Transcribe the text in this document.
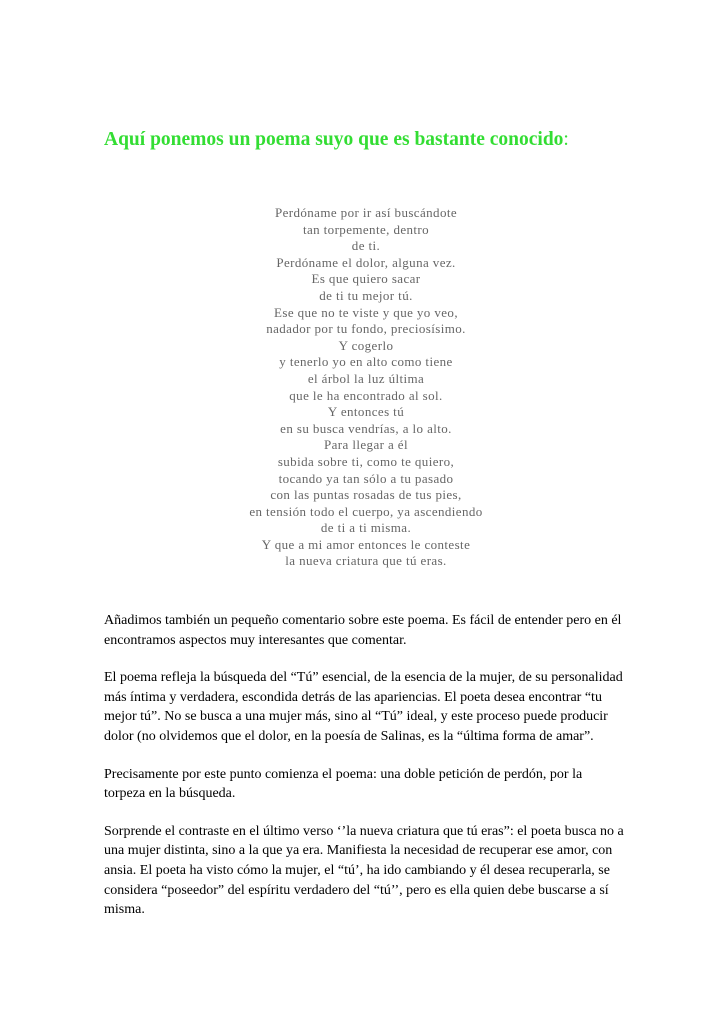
Aquí ponemos un poema suyo que es bastante conocido:
Perdóname por ir así buscándote
tan torpemente, dentro
de ti.
Perdóname el dolor, alguna vez.
Es que quiero sacar
de ti tu mejor tú.
Ese que no te viste y que yo veo,
nadador por tu fondo, preciosísimo.
Y cogerlo
y tenerlo yo en alto como tiene
el árbol la luz última
que le ha encontrado al sol.
Y entonces tú
en su busca vendrías, a lo alto.
Para llegar a él
subida sobre ti, como te quiero,
tocando ya tan sólo a tu pasado
con las puntas rosadas de tus pies,
en tensión todo el cuerpo, ya ascendiendo
de ti a ti misma.
Y que a mi amor entonces le conteste
la nueva criatura que tú eras.

Añadimos también un pequeño comentario sobre este poema. Es fácil de entender pero en él encontramos aspectos muy interesantes que comentar.

El poema refleja la búsqueda del “Tú” esencial, de la esencia de la mujer, de su personalidad más íntima y verdadera, escondida detrás de las apariencias. El poeta desea encontrar “tu mejor tú”. No se busca a una mujer más, sino al “Tú” ideal, y este proceso puede producir dolor (no olvidemos que el dolor, en la poesía de Salinas, es la “última forma de amar”.

Precisamente por este punto comienza el poema: una doble petición de perdón, por la torpeza en la búsqueda.

Sorprende el contraste en el último verso ‘’la nueva criatura que tú eras”: el poeta busca no a una mujer distinta, sino a la que ya era. Manifiesta la necesidad de recuperar ese amor, con ansia. El poeta ha visto cómo la mujer, el “tú’, ha ido cambiando y él desea recuperarla, se considera “poseedor” del espíritu verdadero del “tú’’, pero es ella quien debe buscarse a sí misma.
